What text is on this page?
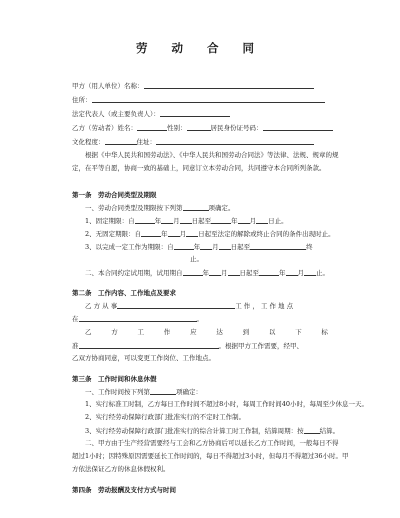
劳 动 合 同
甲方（用人单位）名称：
住所：
法定代表人（或主要负责人）：
乙方（劳动者）姓名：	性别：	居民身份证号码：
文化程度：	住址：
根据《中华人民共和国劳动法》、《中华人民共和国劳动合同法》等法律、法规、规章的规
定，在平等自愿，协商一致的基础上，同意订立本劳动合同，共同遵守本合同所列条款。
第一条　劳动合同类型及期限
一、劳动合同类型及期限按下列第	项确定。
1、固定期限：自	年 月 日起至	年 月 日止。
2、无固定期限：自	年 月 日起至法定的解除或终止合同的条件出现时止。
3、以完成一定工作为期限：自	年 月 日起至	终
止。
二、本合同约定试用期，试用期自	年 月 日起至	年 月 止。
第二条　工作内容、工作地点及要求
乙 方 从 事	工 作 ， 工 作 地 点
在	。
乙	方	工	作	应	达	到	以	下	标
准	。根据甲方工作需要，经甲、
乙双方协商同意，可以变更工作岗位、工作地点。
第三条　工作时间和休息休假
一、工作时间按下列第	项确定：
1、实行标准工时制，乙方每日工作时间不超过8小时，每周工作时间40小时，每周至少休息一天。
2、实行经劳动保障行政部门批准实行的不定时工作制。
3、实行经劳动保障行政部门批准实行的综合计算工时工作制，结算周期：按 结算。
二、甲方由于生产经营需要经与工会和乙方协商后可以延长乙方工作时间，一般每日不得
超过1小时；因特殊原因需要延长工作时间的，每日不得超过3小时，但每月不得超过36小时。甲
方依法保证乙方的休息休假权利。
第四条　劳动报酬及支付方式与时间
